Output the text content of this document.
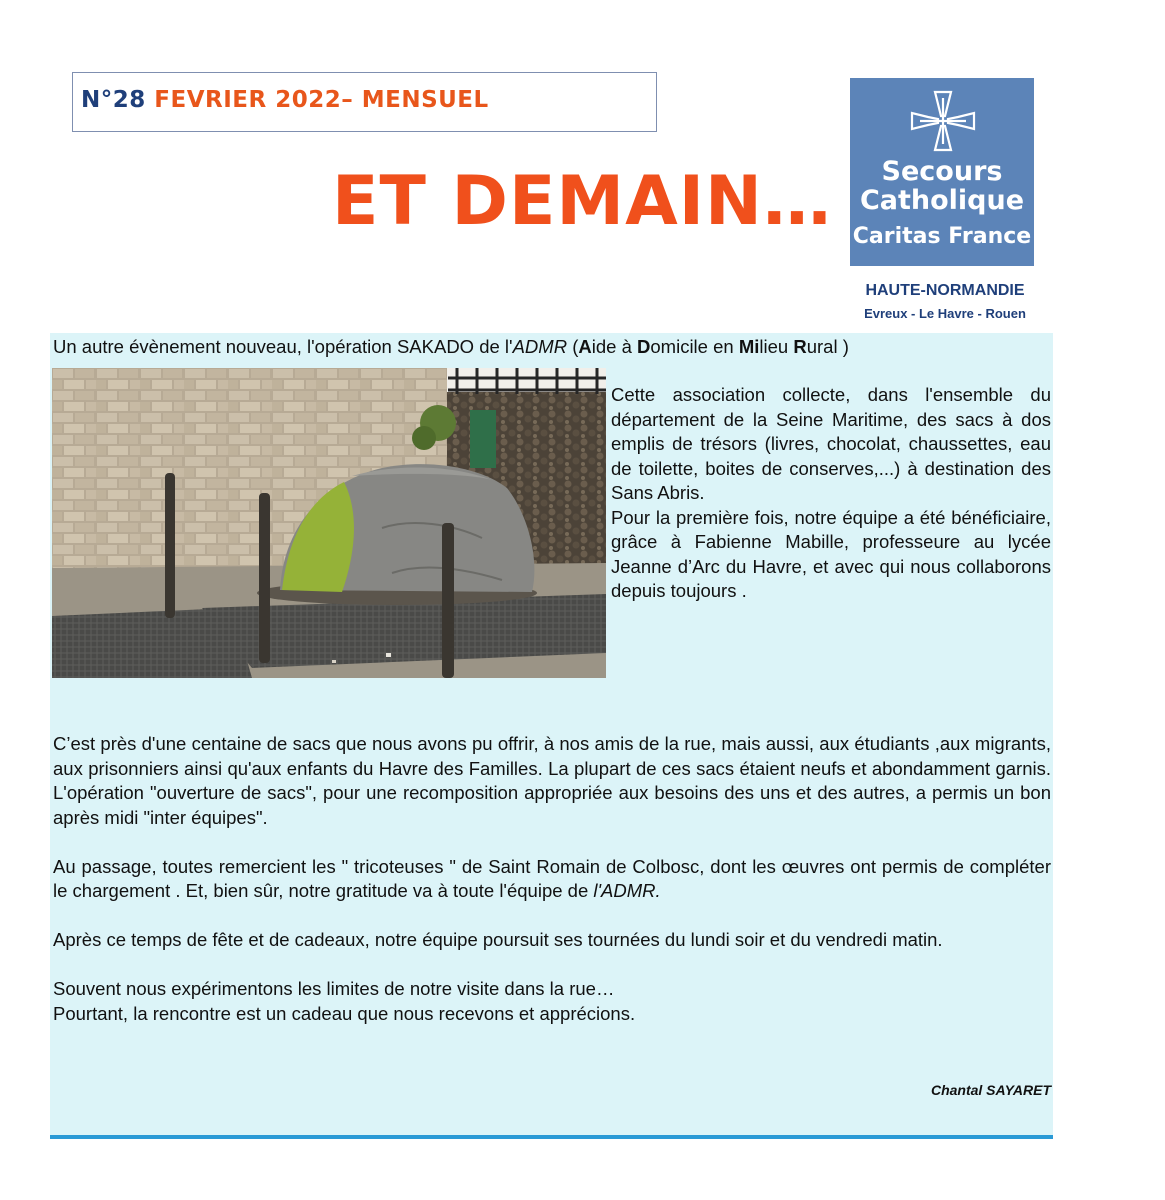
N°28 FEVRIER 2022– MENSUEL
ET DEMAIN…	Secours
Catholique
Caritas France
HAUTE-NORMANDIE
Evreux - Le Havre - Rouen
Un autre évènement nouveau, l'opération SAKADO de l'ADMR (Aide à Domicile en Milieu Rural )

Cette association collecte, dans l'ensemble du département de la Seine Maritime, des sacs à dos emplis de trésors (livres, chocolat, chaussettes, eau de toilette, boites de conserves,...) à destination des Sans Abris.

Pour la première fois, notre équipe a été bénéficiaire, grâce à Fabienne Mabille, professeure au lycée Jeanne d’Arc du Havre, et avec qui nous collaborons depuis toujours .

C’est près d'une centaine de sacs que nous avons pu offrir, à nos amis de la rue, mais aussi, aux étudiants ,aux migrants, aux prisonniers ainsi qu'aux enfants du Havre des Familles. La plupart de ces sacs étaient neufs et abondamment garnis. L'opération "ouverture de sacs", pour une recomposition appropriée aux besoins des uns et des autres, a permis un bon après midi "inter équipes".

Au passage, toutes remercient les " tricoteuses " de Saint Romain de Colbosc, dont les œuvres ont permis de compléter le chargement . Et, bien sûr, notre gratitude va à toute l'équipe de l'ADMR.

Après ce temps de fête et de cadeaux, notre équipe poursuit ses tournées du lundi soir et du vendredi matin.

Souvent nous expérimentons les limites de notre visite dans la rue…

Pourtant, la rencontre est un cadeau que nous recevons et apprécions.

Chantal SAYARET
